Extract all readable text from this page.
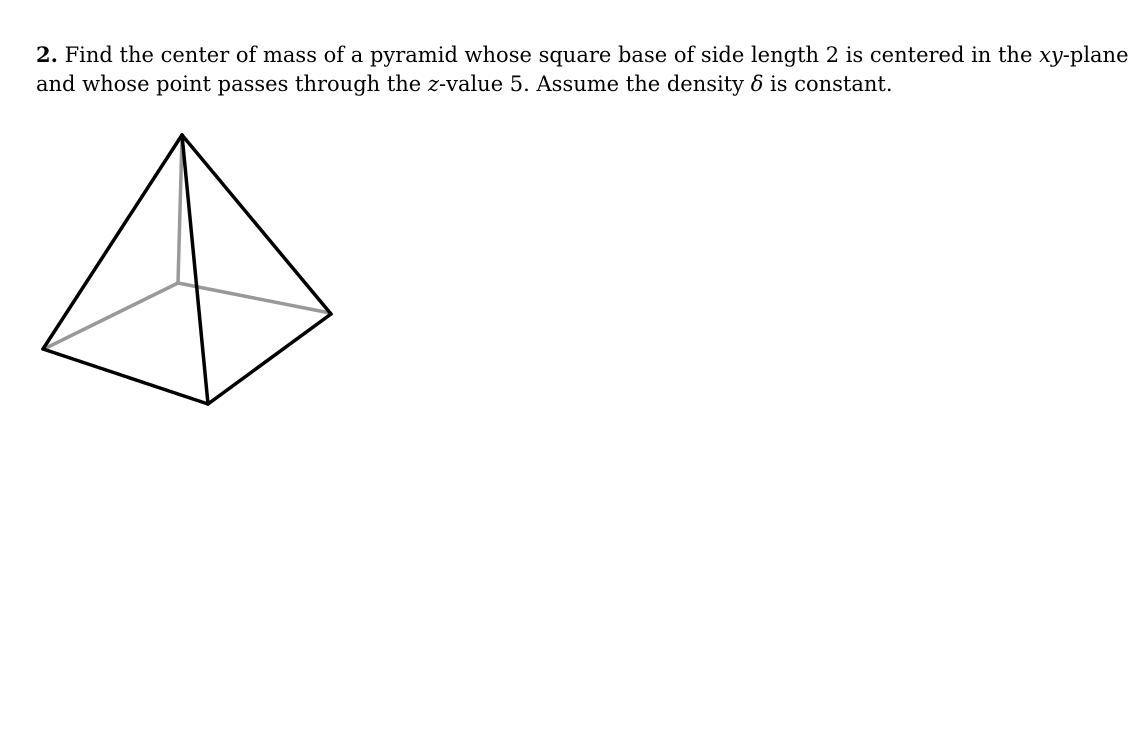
2. Find the center of mass of a pyramid whose square base of side length 2 is centered in the xy-plane
and whose point passes through the z-value 5. Assume the density δ is constant.
